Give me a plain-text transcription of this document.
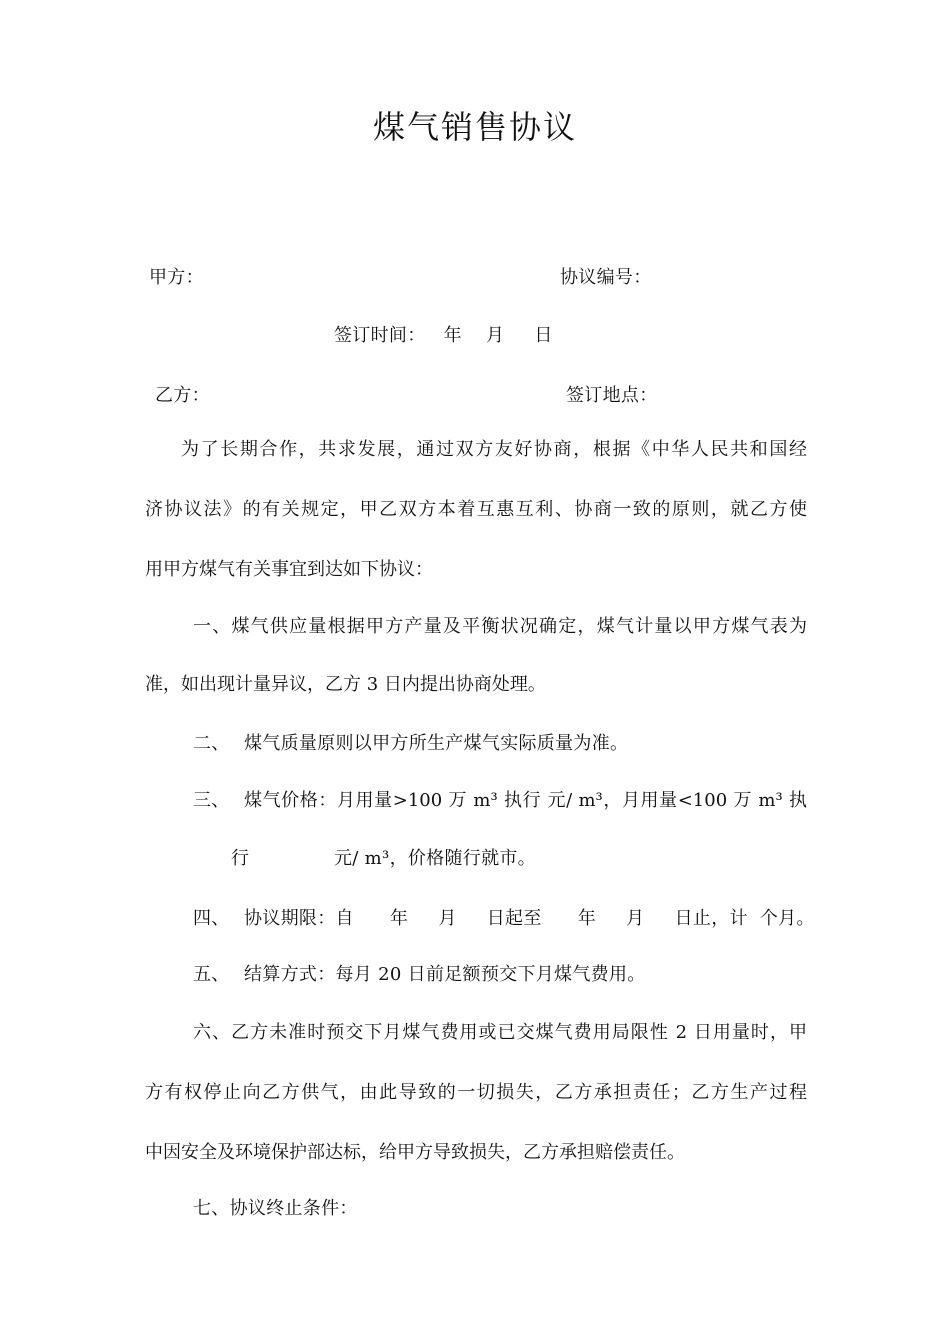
煤气销售协议
甲方：	协议编号：
签订时间：   年    月     日
乙方：	签订地点：
为了长期合作，共求发展，通过双方友好协商，根据《中华人民共和国经
济协议法》的有关规定，甲乙双方本着互惠互利、协商一致的原则，就乙方使
用甲方煤气有关事宜到达如下协议：
一、煤气供应量根据甲方产量及平衡状况确定，煤气计量以甲方煤气表为
准，如出现计量异议，乙方 3 日内提出协商处理。
二、 煤气质量原则以甲方所生产煤气实际质量为准。
三、 煤气价格：月用量>100 万 m³ 执行 元/ m³，月用量<100 万 m³ 执
行	元/ m³，价格随行就市。
四、 协议期限：自      年     月     日起至      年     月     日止，计  个月。
五、 结算方式：每月 20 日前足额预交下月煤气费用。
六、乙方未准时预交下月煤气费用或已交煤气费用局限性 2 日用量时，甲
方有权停止向乙方供气，由此导致的一切损失，乙方承担责任；乙方生产过程
中因安全及环境保护部达标，给甲方导致损失，乙方承担赔偿责任。
七、协议终止条件：
